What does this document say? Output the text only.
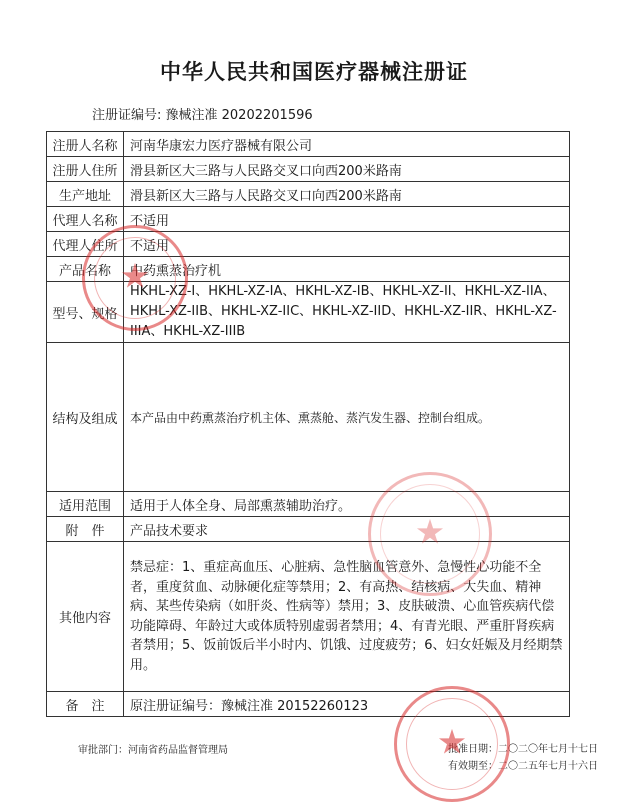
中华人民共和国医疗器械注册证
注册证编号: 豫械注准 20202201596
注册人名称	河南华康宏力医疗器械有限公司
注册人住所	滑县新区大三路与人民路交叉口向西200米路南
生产地址	滑县新区大三路与人民路交叉口向西200米路南
代理人名称	不适用
代理人住所	不适用
产品名称	中药熏蒸治疗机
型号、规格	HKHL-XZ-I、HKHL-XZ-IA、HKHL-XZ-IB、HKHL-XZ-II、HKHL-XZ-IIA、HKHL-XZ-IIB、HKHL-XZ-IIC、HKHL-XZ-IID、HKHL-XZ-IIR、HKHL-XZ-IIIA、HKHL-XZ-IIIB
结构及组成	本产品由中药熏蒸治疗机主体、熏蒸舱、蒸汽发生器、控制台组成。
适用范围	适用于人体全身、局部熏蒸辅助治疗。
附　件	产品技术要求
其他内容	禁忌症：1、重症高血压、心脏病、急性脑血管意外、急慢性心功能不全者，重度贫血、动脉硬化症等禁用；2、有高热、结核病、大失血、精神病、某些传染病（如肝炎、性病等）禁用；3、皮肤破溃、心血管疾病代偿功能障碍、年龄过大或体质特别虚弱者禁用；4、有青光眼、严重肝肾疾病者禁用；5、饭前饭后半小时内、饥饿、过度疲劳；6、妇女妊娠及月经期禁用。
备　注	原注册证编号：豫械注准 20152260123
审批部门：河南省药品监督管理局	批准日期：二〇二〇年七月十七日
有效期至：二〇二五年七月十六日
★
★
★
